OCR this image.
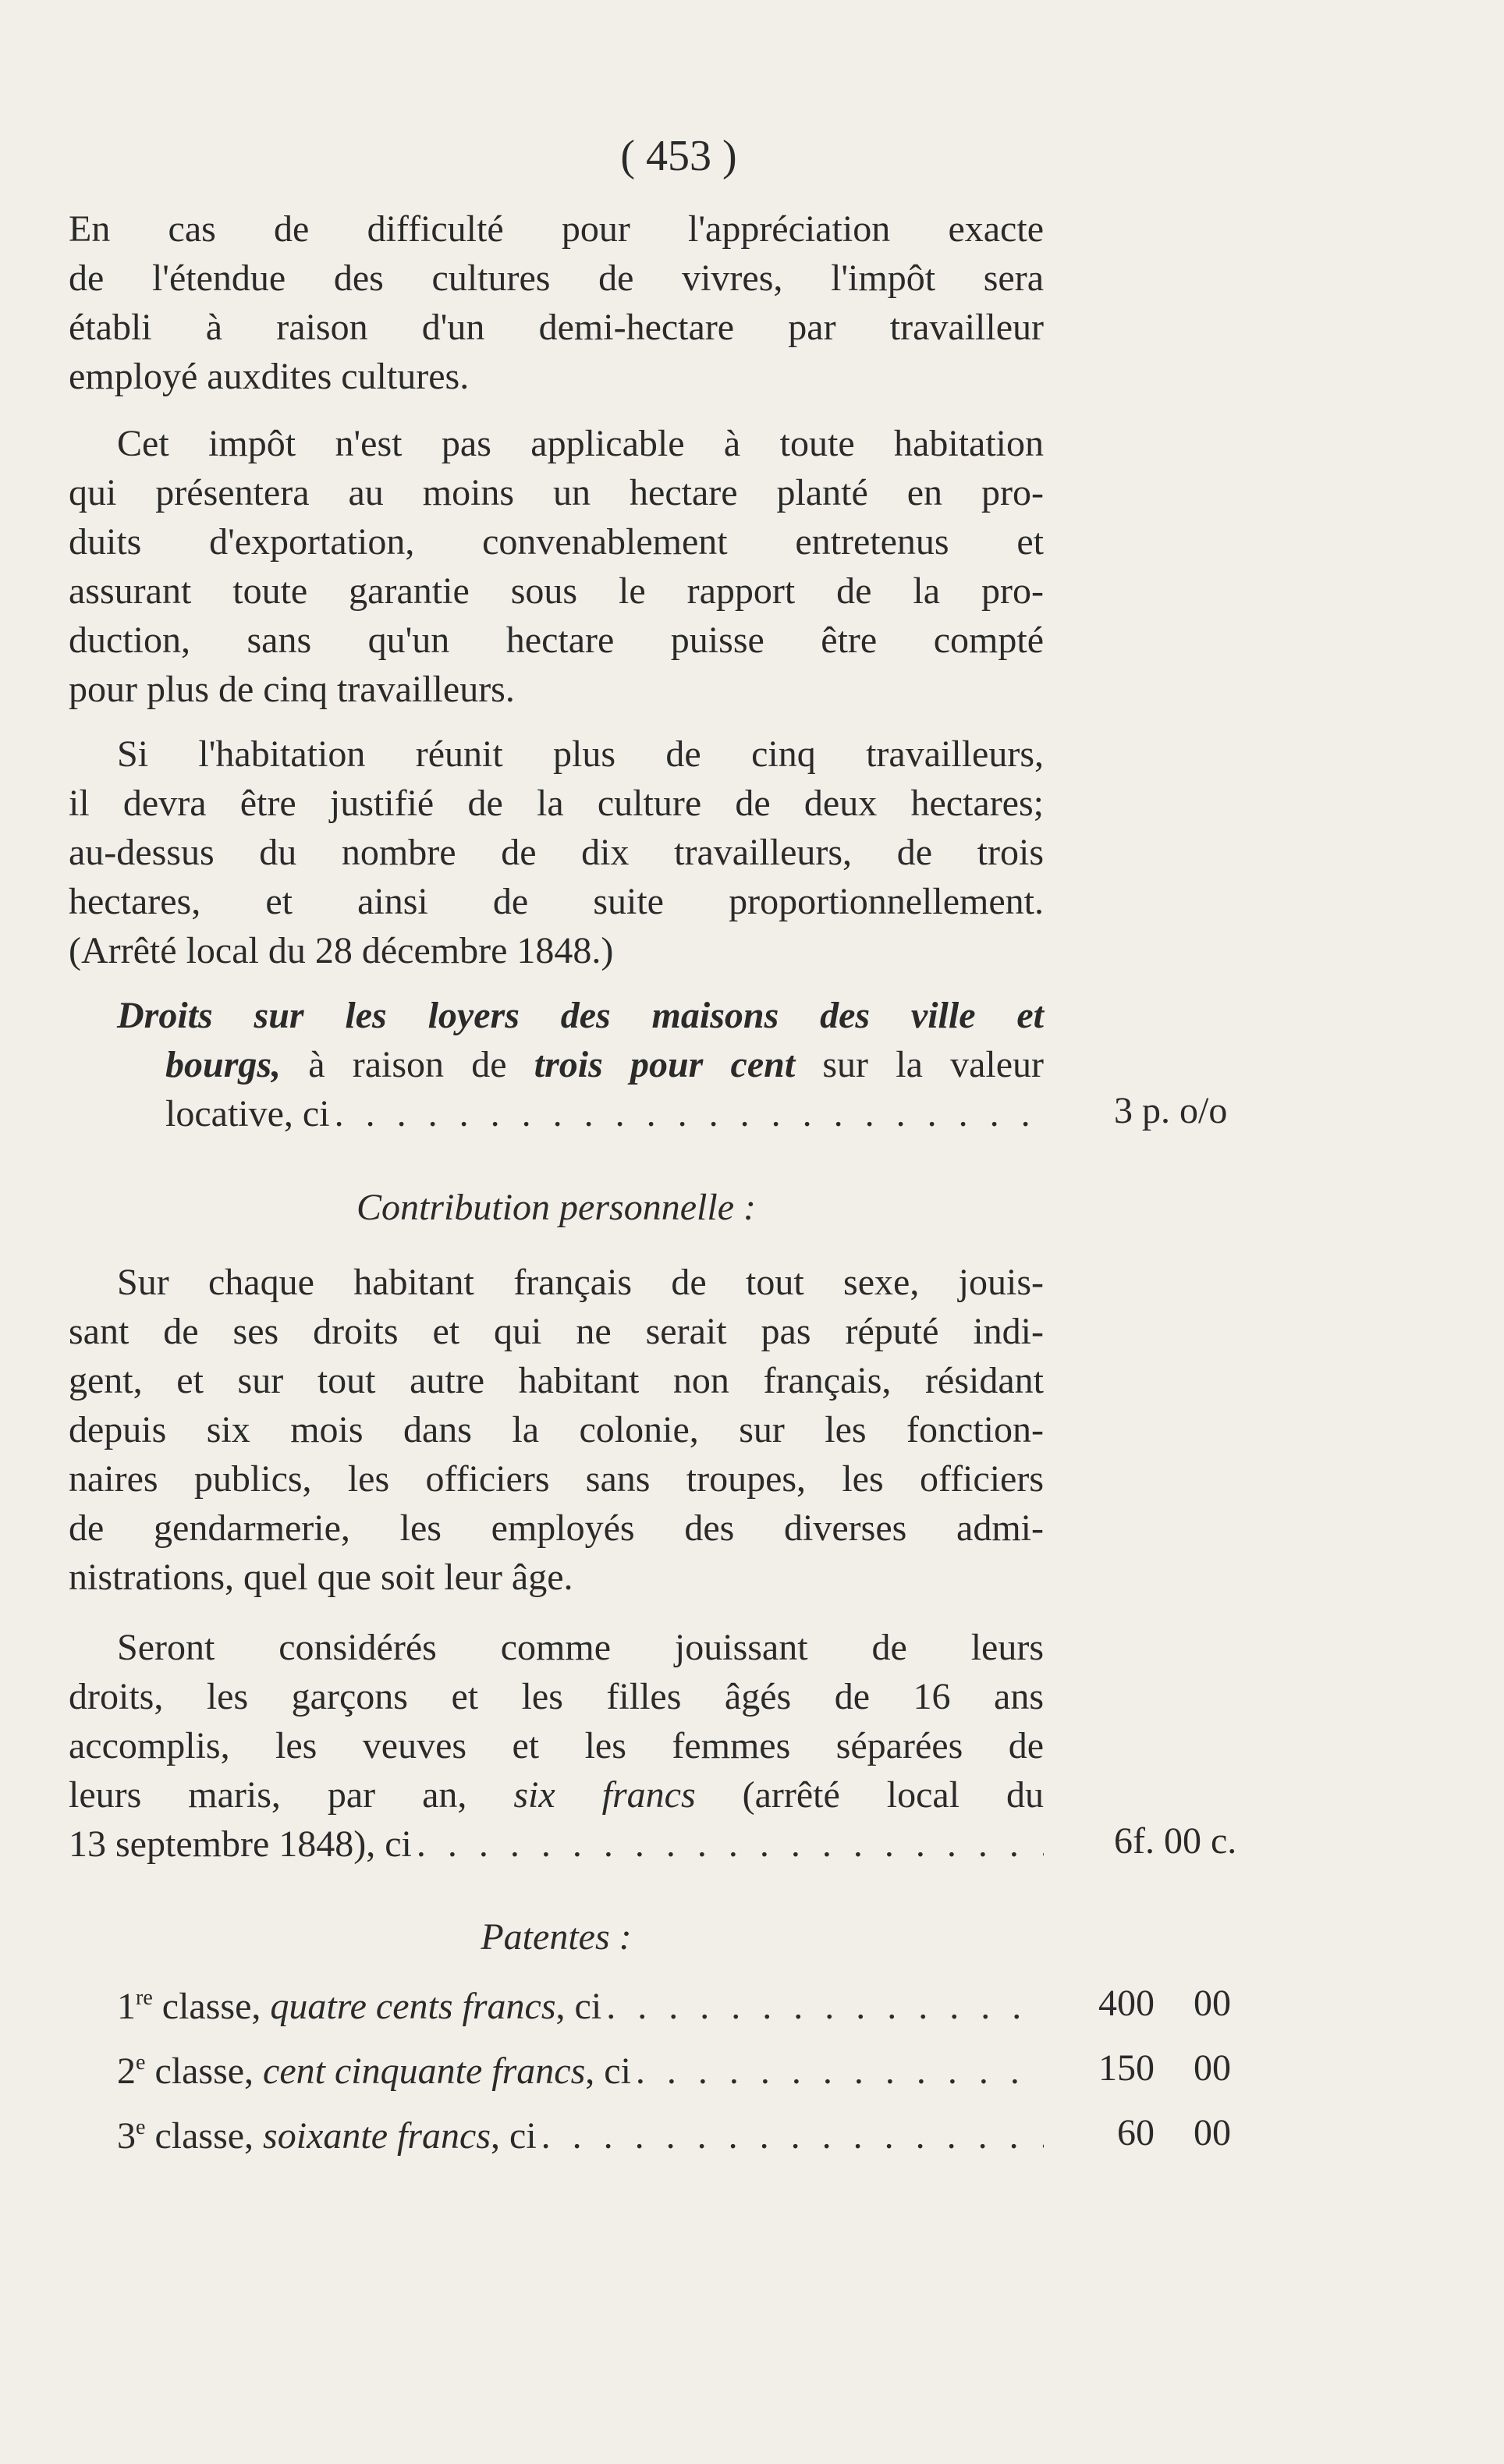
( 453 )

En cas de difficulté pour l'appréciation exacte

de l'étendue des cultures de vivres, l'impôt sera

établi à raison d'un demi-hectare par travailleur

employé auxdites cultures.

Cet impôt n'est pas applicable à toute habitation

qui présentera au moins un hectare planté en pro-

duits d'exportation, convenablement entretenus et

assurant toute garantie sous le rapport de la pro-

duction, sans qu'un hectare puisse être compté

pour plus de cinq travailleurs.

Si l'habitation réunit plus de cinq travailleurs,

il devra être justifié de la culture de deux hectares;

au-dessus du nombre de dix travailleurs, de trois

hectares, et ainsi de suite proportionnellement.

(Arrêté local du 28 décembre 1848.)

Droits sur les loyers des maisons des ville et

bourgs, à raison de trois pour cent sur la valeur

locative, ci . . .	3 p. o/o
Contribution personnelle :

Sur chaque habitant français de tout sexe, jouis-

sant de ses droits et qui ne serait pas réputé indi-

gent, et sur tout autre habitant non français, résidant

depuis six mois dans la colonie, sur les fonction-

naires publics, les officiers sans troupes, les officiers

de gendarmerie, les employés des diverses admi-

nistrations, quel que soit leur âge.

Seront considérés comme jouissant de leurs

droits, les garçons et les filles âgés de 16 ans

accomplis, les veuves et les femmes séparées de

leurs maris, par an, six francs (arrêté local du

13 septembre 1848), ci . . .	6f. 00 c.
Patentes :
1re classe, quatre cents francs, ci
. . .
2e classe, cent cinquante francs, ci
. . .
3e classe, soixante francs, ci
. . .
400 00
150 00
60 00
